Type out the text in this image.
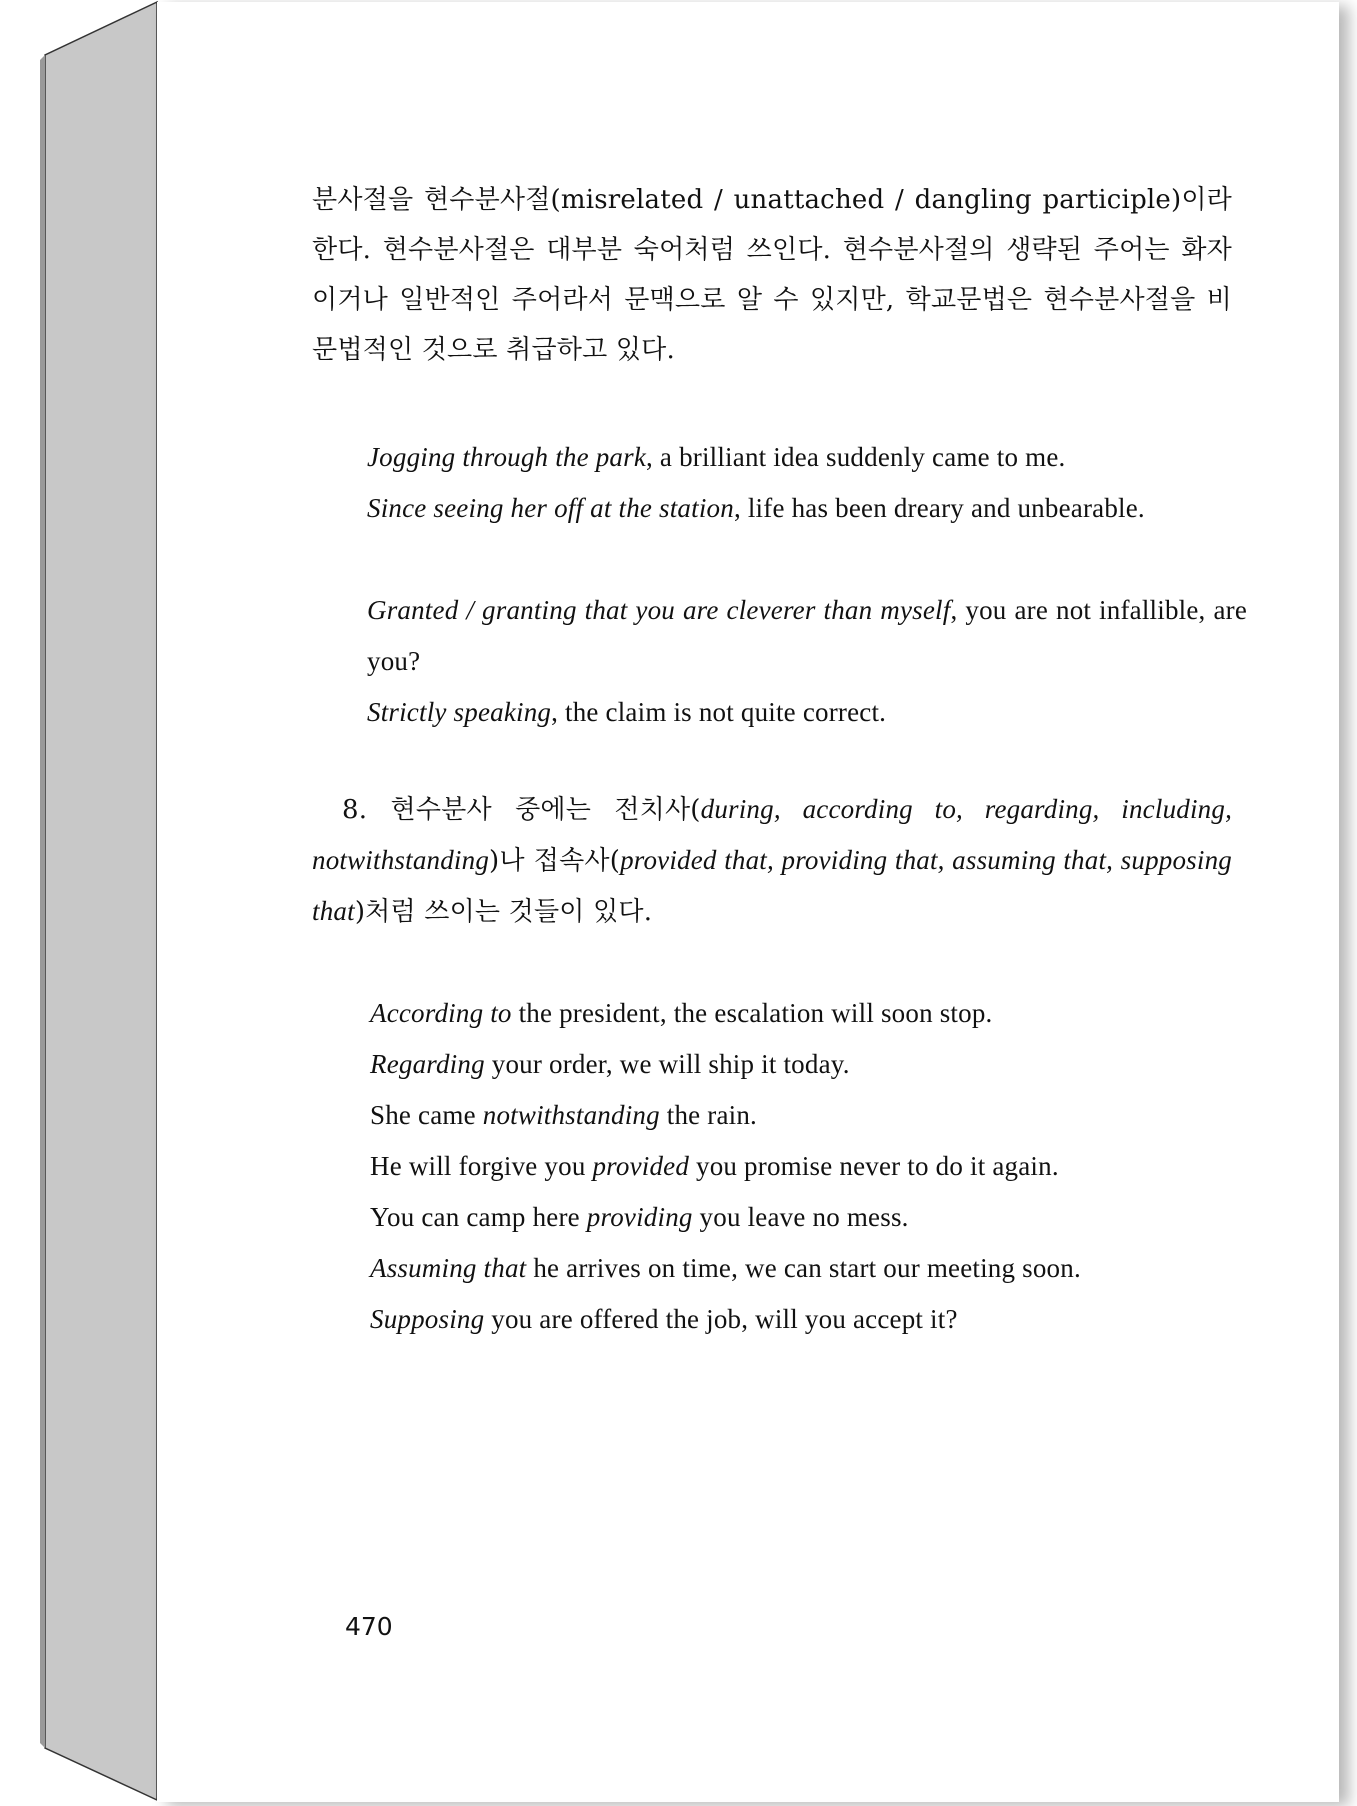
분사절을 현수분사절(misrelated / unattached / dangling participle)이라 한다. 현수분사절은 대부분 숙어처럼 쓰인다. 현수분사절의 생략된 주어는 화자이거나 일반적인 주어라서 문맥으로 알 수 있지만, 학교문법은 현수분사절을 비문법적인 것으로 취급하고 있다.
Jogging through the park, a brilliant idea suddenly came to me.
Since seeing her off at the station, life has been dreary and unbearable.
Granted / granting that you are cleverer than myself, you are not infallible, are you?
Strictly speaking, the claim is not quite correct.
8. 현수분사 중에는 전치사(during, according to, regarding, including, notwithstanding)나 접속사(provided that, providing that, assuming that, supposing that)처럼 쓰이는 것들이 있다.
According to the president, the escalation will soon stop.
Regarding your order, we will ship it today.
She came notwithstanding the rain.
He will forgive you provided you promise never to do it again.
You can camp here providing you leave no mess.
Assuming that he arrives on time, we can start our meeting soon.
Supposing you are offered the job, will you accept it?
470
